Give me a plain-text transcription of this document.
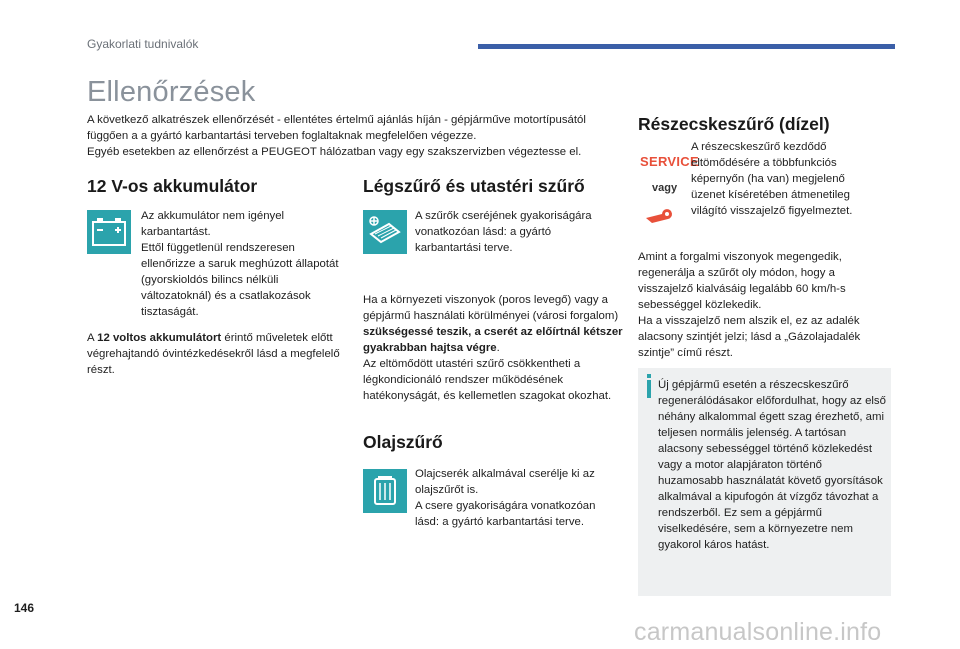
Gyakorlati tudnivalók
Ellenőrzések

A következő alkatrészek ellenőrzését - ellentétes értelmű ajánlás híján - gépjárműve motortípusától függően a a gyártó karbantartási terveben foglaltaknak megfelelően végezze.

Egyéb esetekben az ellenőrzést a PEUGEOT hálózatban vagy egy szakszervizben végeztesse el.

12 V-os akkumulátor

Az akkumulátor nem igényel karbantartást.

Ettől függetlenül rendszeresen ellenőrizze a saruk meghúzott állapotát (gyorskioldós bilincs nélküli változatoknál) és a csatlakozások tisztaságát.

A 12 voltos akkumulátort érintő műveletek előtt végrehajtandó óvintézkedésekről lásd a megfelelő részt.

Légszűrő és utastéri szűrő
A szűrők cseréjének gyakoriságára vonatkozóan lásd: a gyártó karbantartási terve.

Ha a környezeti viszonyok (poros levegő) vagy a gépjármű használati körülményei (városi forgalom) szükségessé teszik, a cserét az előírtnál kétszer gyakrabban hajtsa végre.

Az eltömődött utastéri szűrő csökkentheti a légkondicionáló rendszer működésének hatékonyságát, és kellemetlen szagokat okozhat.

Olajszűrő

Olajcserék alkalmával cserélje ki az olajszűrőt is.

A csere gyakoriságára vonatkozóan lásd: a gyártó karbantartási terve.

Részecskeszűrő (dízel)
SERVICE
vagy
A részecskeszűrő kezdődő eltömődésére a többfunkciós képernyőn (ha van) megjelenő üzenet kíséretében átmenetileg világító visszajelző figyelmeztet.

Amint a forgalmi viszonyok megengedik, regenerálja a szűrőt oly módon, hogy a visszajelző kialvásáig legalább 60 km/h-s sebességgel közlekedik.

Ha a visszajelző nem alszik el, ez az adalék alacsony szintjét jelzi; lásd a „Gázolajadalék szintje” című részt.

Új gépjármű esetén a részecskeszűrő regenerálódásakor előfordulhat, hogy az első néhány alkalommal égett szag érezhető, ami teljesen normális jelenség. A tartósan alacsony sebességgel történő közlekedést vagy a motor alapjáraton történő huzamosabb használatát követő gyorsítások alkalmával a kipufogón át vízgőz távozhat a rendszerből. Ez sem a gépjármű viselkedésére, sem a környezetre nem gyakorol káros hatást.
146
carmanualsonline.info
